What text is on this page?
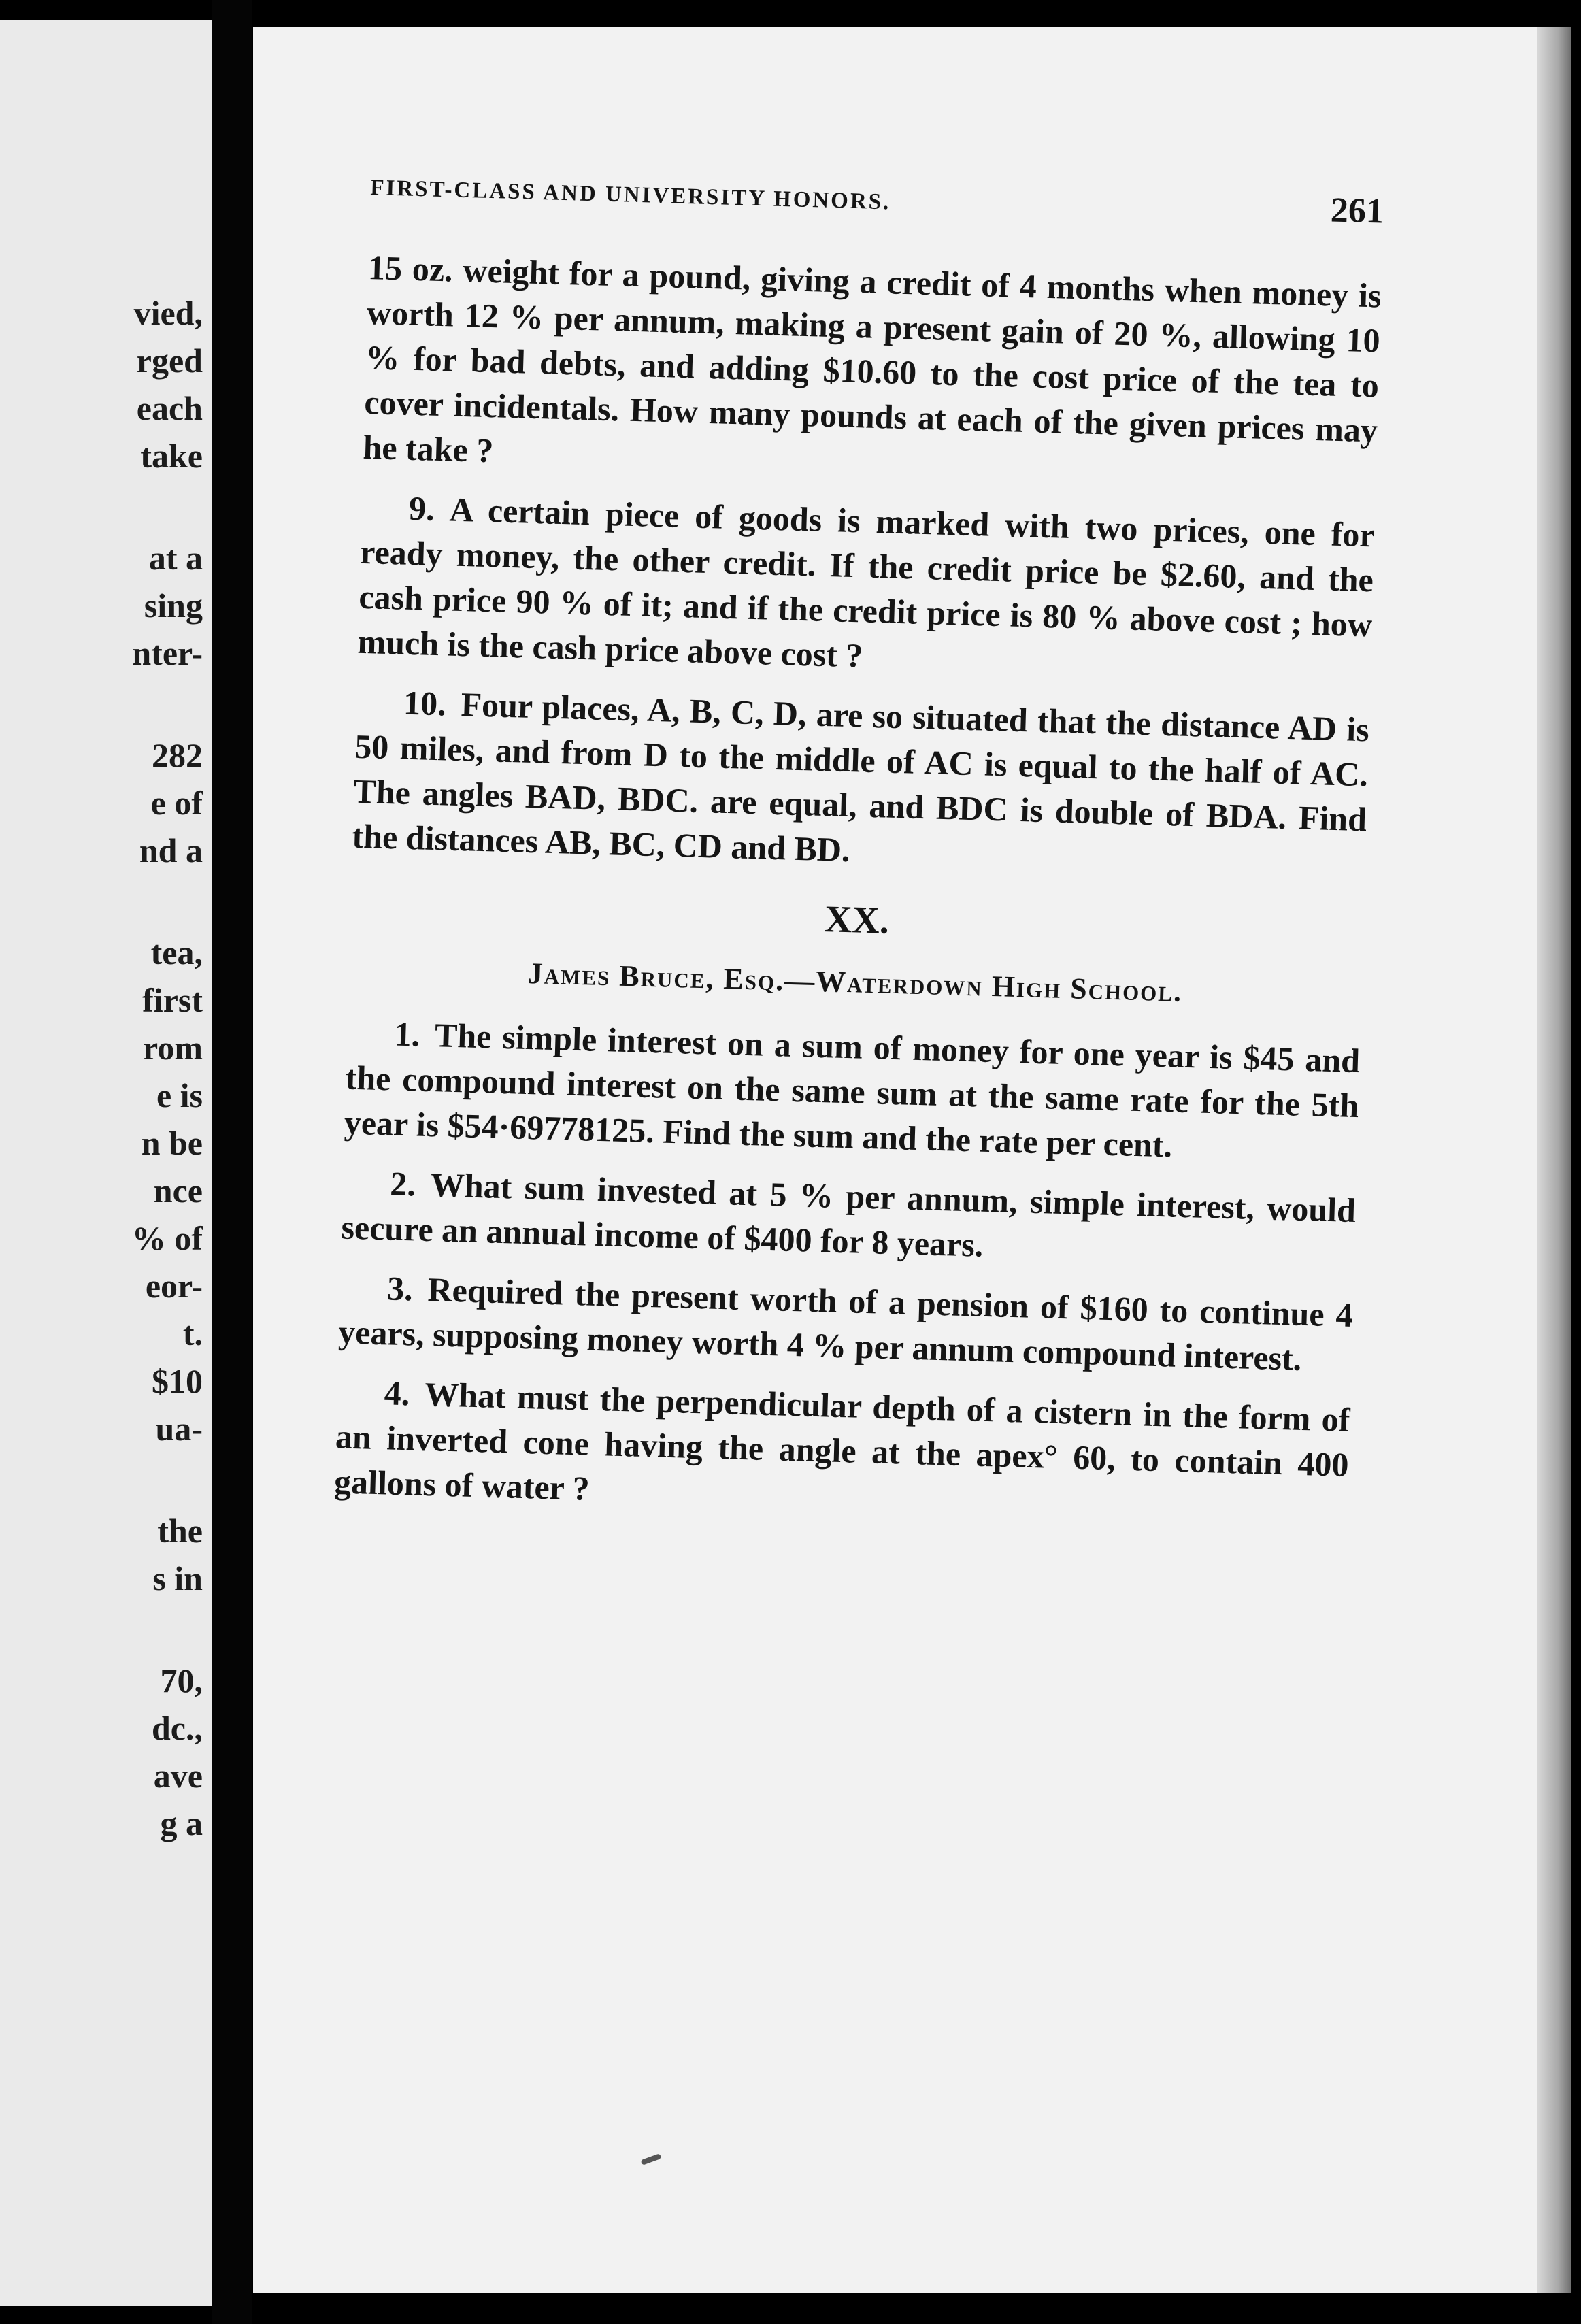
vied,
rged
each
take
at a
sing
nter-
282
e of
nd a
tea,
first
rom
e is
n be
nce
% of
eor-
t.
$10
ua-
the
s in
70,
dc.,
ave
g a
FIRST-CLASS AND UNIVERSITY HONORS.	261

15 oz. weight for a pound, giving a credit of 4 months when money is worth 12 % per annum, making a present gain of 20 %, allowing 10 % for bad debts, and adding $10.60 to the cost price of the tea to cover incidentals. How many pounds at each of the given prices may he take ?

9. A certain piece of goods is marked with two prices, one for ready money, the other credit. If the credit price be $2.60, and the cash price 90 % of it; and if the credit price is 80 % above cost ; how much is the cash price above cost ?

10. Four places, A, B, C, D, are so situated that the distance AD is 50 miles, and from D to the middle of AC is equal to the half of AC. The angles BAD, BDC. are equal, and BDC is double of BDA. Find the distances AB, BC, CD and BD.

XX.
James Bruce, Esq.—Waterdown High School.

1. The simple interest on a sum of money for one year is $45 and the compound interest on the same sum at the same rate for the 5th year is $54·69778125. Find the sum and the rate per cent.

2. What sum invested at 5 % per annum, simple interest, would secure an annual income of $400 for 8 years.

3. Required the present worth of a pension of $160 to continue 4 years, supposing money worth 4 % per annum compound interest.

4. What must the perpendicular depth of a cistern in the form of an inverted cone having the angle at the apex° 60, to contain 400 gallons of water ?
